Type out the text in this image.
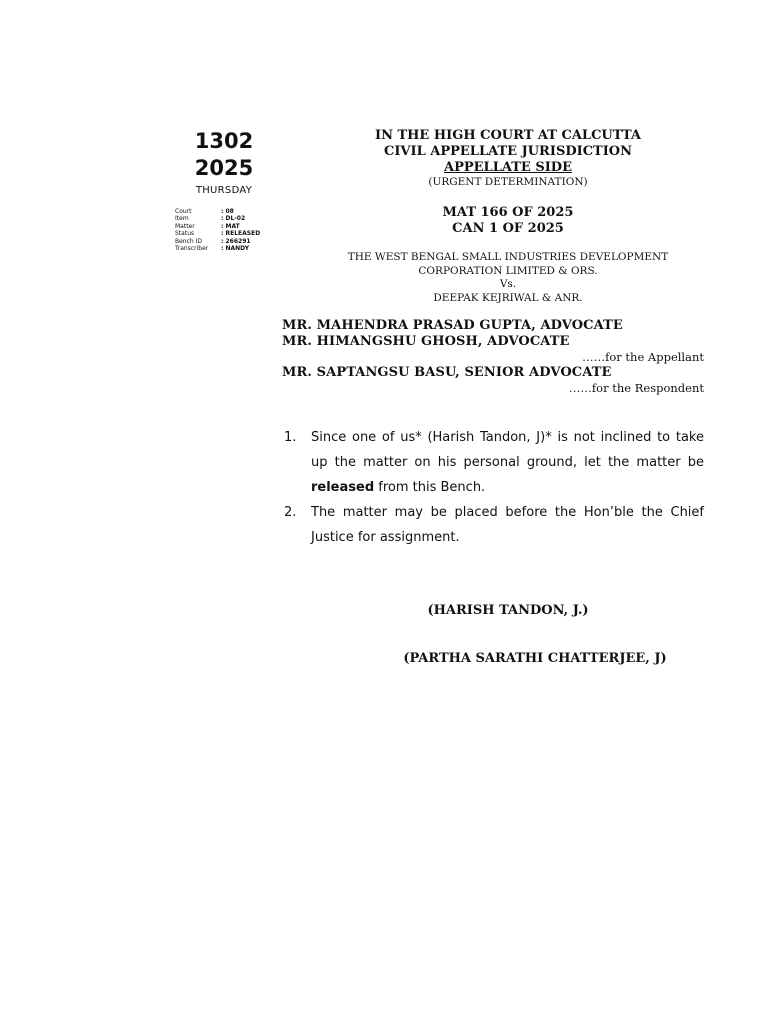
1302
2025
THURSDAY
Court	: 08
Item	: DL-02
Matter	: MAT
Status	: RELEASED
Bench ID	: 266291
Transcriber	: NANDY
IN THE HIGH COURT AT CALCUTTA
CIVIL APPELLATE JURISDICTION
APPELLATE SIDE
(URGENT DETERMINATION)
MAT 166 OF 2025
CAN 1 OF 2025
THE WEST BENGAL SMALL INDUSTRIES DEVELOPMENT
CORPORATION LIMITED & ORS.
Vs.
DEEPAK KEJRIWAL & ANR.
MR. MAHENDRA PRASAD GUPTA, ADVOCATE
MR. HIMANGSHU GHOSH, ADVOCATE
……for the Appellant
MR. SAPTANGSU BASU, SENIOR ADVOCATE
……for the Respondent
1.	Since one of us* (Harish Tandon, J)* is not inclined to take up the matter on his personal ground, let the matter be released from this Bench.
2.	The matter may be placed before the Hon’ble the Chief Justice for assignment.
(HARISH TANDON, J.)
(PARTHA SARATHI CHATTERJEE, J)
